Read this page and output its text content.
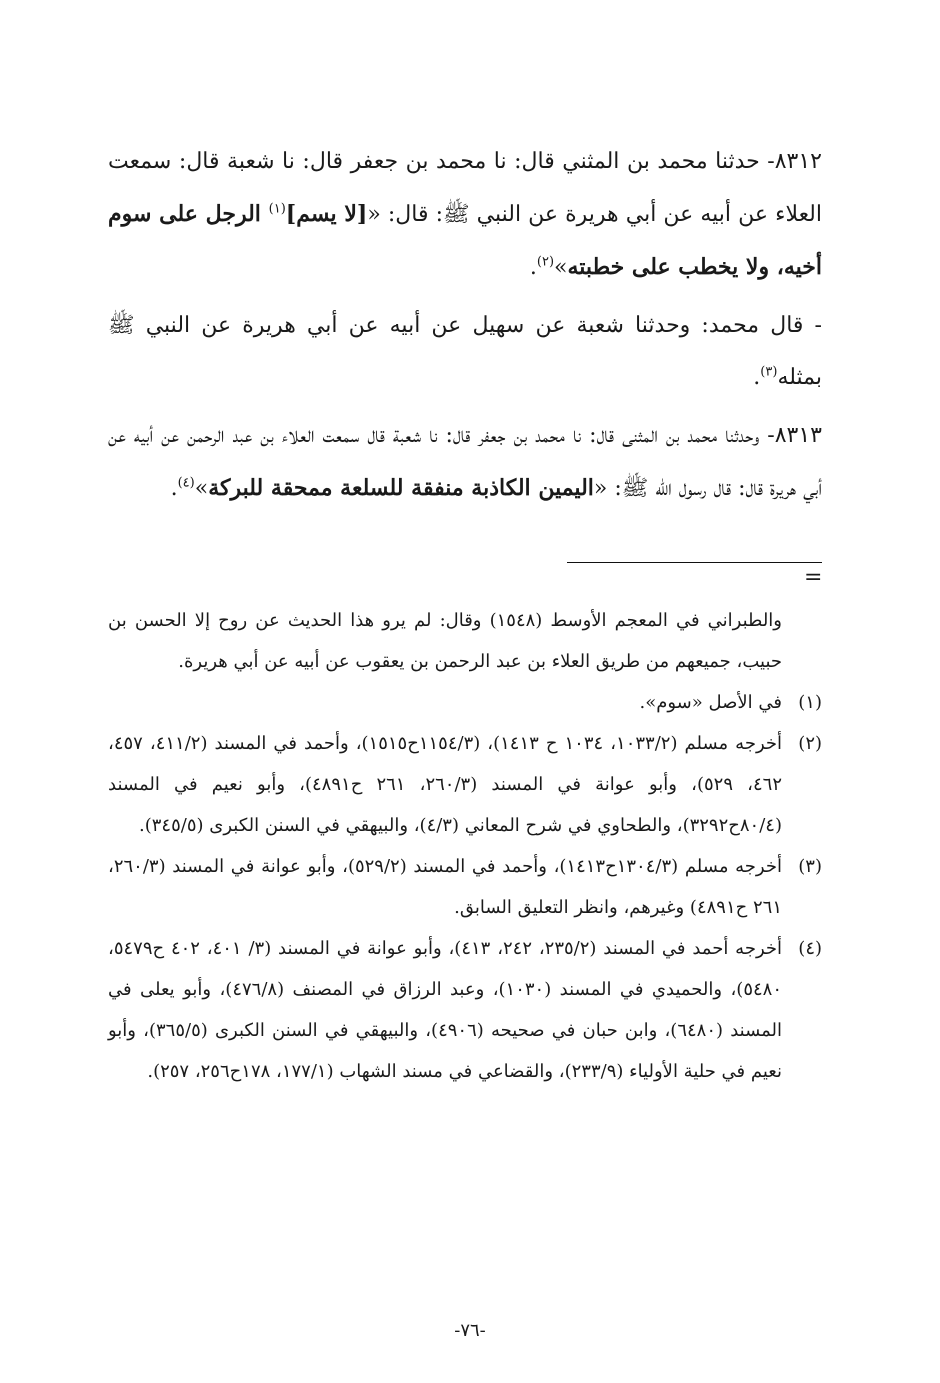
٨٣١٢- حدثنا محمد بن المثني قال: نا محمد بن جعفر قال: نا شعبة قال: سمعت العلاء عن أبيه عن أبي هريرة عن النبي ﷺ: قال: «[لا يسم]$^{(١)}$ الرجل على سوم أخيه، ولا يخطب على خطبته»$^{(٢)}$.

- قال محمد: وحدثنا شعبة عن سهيل عن أبيه عن أبي هريرة عن النبي ﷺ بمثله$^{(٣)}$.

٨٣١٣- وحدثنا محمد بن المثنى قال: نا محمد بن جعفر قال: نا شعبة قال سمعت العلاء بن عبد الرحمن عن أبيه عن أبي هريرة قال: قال رسول الله ﷺ: «اليمين الكاذبة منفقة للسلعة ممحقة للبركة»$^{(٤)}$.

=

والطبراني في المعجم الأوسط (١٥٤٨) وقال: لم يرو هذا الحديث عن روح إلا الحسن بن حبيب، جميعهم من طريق العلاء بن عبد الرحمن بن يعقوب عن أبيه عن أبي هريرة.

(١)في الأصل «سوم».

(٢)أخرجه مسلم (١٠٣٣/٢، ١٠٣٤ ح ١٤١٣)، (١١٥٤/٣ح١٥١٥)، وأحمد في المسند (٤١١/٢، ٤٥٧، ٤٦٢، ٥٢٩)، وأبو عوانة في المسند (٢٦٠/٣، ٢٦١ ح٤٨٩١)، وأبو نعيم في المسند (٨٠/٤ح٣٢٩٢)، والطحاوي في شرح المعاني (٤/٣)، والبيهقي في السنن الكبرى (٣٤٥/٥).

(٣)أخرجه مسلم (١٣٠٤/٣ح١٤١٣)، وأحمد في المسند (٥٢٩/٢)، وأبو عوانة في المسند (٢٦٠/٣، ٢٦١ ح٤٨٩١) وغيرهم، وانظر التعليق السابق.

(٤)أخرجه أحمد في المسند (٢٣٥/٢، ٢٤٢، ٤١٣)، وأبو عوانة في المسند (٣/ ٤٠١، ٤٠٢ ح٥٤٧٩، ٥٤٨٠)، والحميدي في المسند (١٠٣٠)، وعبد الرزاق في المصنف (٤٧٦/٨)، وأبو يعلى في المسند (٦٤٨٠)، وابن حبان في صحيحه (٤٩٠٦)، والبيهقي في السنن الكبرى (٣٦٥/٥)، وأبو نعيم في حلية الأولياء (٢٣٣/٩)، والقضاعي في مسند الشهاب (١٧٧/١، ١٧٨ح٢٥٦، ٢٥٧).

-٧٦-
